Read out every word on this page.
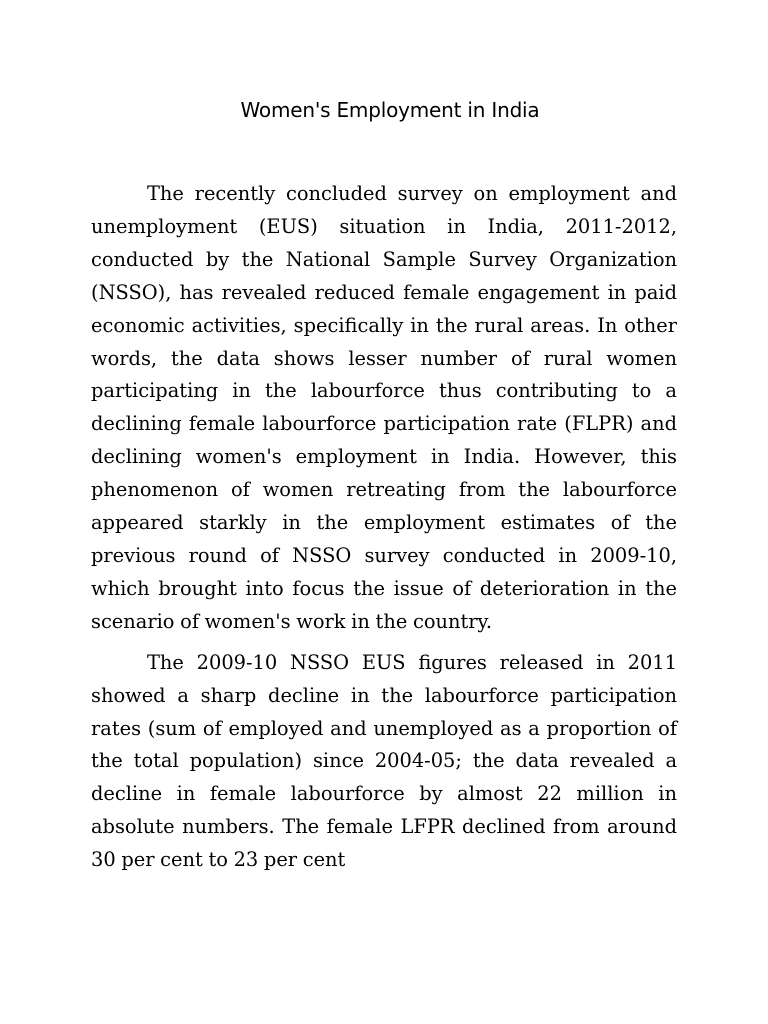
Women's Employment in India

The recently concluded survey on employment and unemployment (EUS) situation in India, 2011-2012, conducted by the National Sample Survey Organization (NSSO), has revealed reduced female engagement in paid economic activities, specifically in the rural areas. In other words, the data shows lesser number of rural women participating in the labourforce thus contributing to a declining female labourforce participation rate (FLPR) and declining women's employment in India. However, this phenomenon of women retreating from the labourforce appeared starkly in the employment estimates of the previous round of NSSO survey conducted in 2009-10, which brought into focus the issue of deterioration in the scenario of women's work in the country.

The 2009-10 NSSO EUS figures released in 2011 showed a sharp decline in the labourforce participation rates (sum of employed and unemployed as a proportion of the total population) since 2004-05; the data revealed a decline in female labourforce by almost 22 million in absolute numbers. The female LFPR declined from around 30 per cent to 23 per cent
